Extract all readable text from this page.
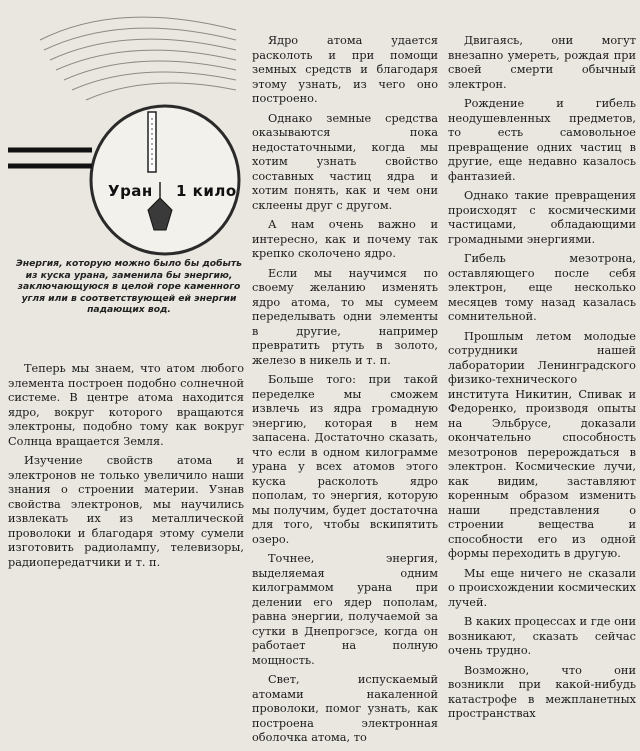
Уран 1 кило

Энергия, которую можно было бы добыть из куска урана, заменила бы энергию, заключающуюся в целой горе каменного угля или в соответствующей ей энергии падающих вод.

Теперь мы знаем, что атом любого элемента построен подобно солнечной системе. В центре атома находится ядро, вокруг которого вращаются электроны, подобно тому как вокруг Солнца вращается Земля.

Изучение свойств атома и электронов не только увеличило наши знания о строении материи. Узнав свойства электронов, мы научились извлекать их из металлической проволоки и благодаря этому сумели изготовить радиолампу, телевизоры, радиопередатчики и т. п.

Ядро атома удается расколоть и при помощи земных средств и благодаря этому узнать, из чего оно построено.

Однако земные средства оказываются пока недостаточными, когда мы хотим узнать свойство составных частиц ядра и хотим понять, как и чем они склеены друг с другом.

А нам очень важно и интересно, как и почему так крепко сколочено ядро.

Если мы научимся по своему желанию изменять ядро атома, то мы сумеем переделывать одни элементы в другие, например превратить ртуть в золото, железо в никель и т. п.

Больше того: при такой переделке мы сможем извлечь из ядра громадную энергию, которая в нем запасена. Достаточно сказать, что если в одном килограмме урана у всех атомов этого куска расколоть ядро пополам, то энергия, которую мы получим, будет достаточна для того, чтобы вскипятить озеро.

Точнее, энергия, выделяемая одним килограммом урана при делении его ядер пополам, равна энергии, получаемой за сутки в Днепрогэсе, когда он работает на полную мощность.

Свет, испускаемый атомами накаленной проволоки, помог узнать, как построена электронная оболочка атома, то

Двигаясь, они могут внезапно умереть, рождая при своей смерти обычный электрон.

Рождение и гибель неодушевленных предметов, то есть самовольное превращение одних частиц в другие, еще недавно казалось фантазией.

Однако такие превращения происходят с космическими частицами, обладающими громадными энергиями.

Гибель мезотрона, оставляющего после себя электрон, еще несколько месяцев тому назад казалась сомнительной.

Прошлым летом молодые сотрудники нашей лаборатории Ленинградского физико-технического института Никитин, Спивак и Федоренко, производя опыты на Эльбрусе, доказали окончательно способность мезотронов перерождаться в электрон. Космические лучи, как видим, заставляют коренным образом изменить наши представления о строении вещества и способности его из одной формы переходить в другую.

Мы еще ничего не сказали о происхождении космических лучей.

В каких процессах и где они возникают, сказать сейчас очень трудно.

Возможно, что они возникли при какой-нибудь катастрофе в межпланетных пространствах
